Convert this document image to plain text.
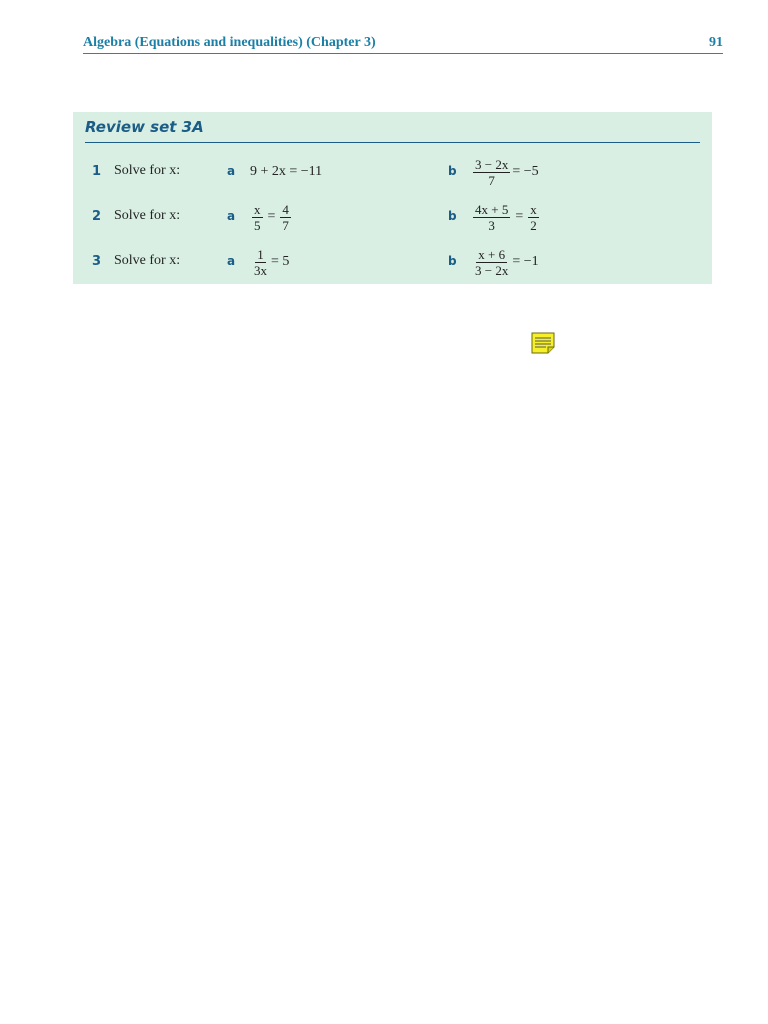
Algebra (Equations and inequalities) (Chapter 3)	91
Review set 3A
1 Solve for x:	a 9 + 2x = −11	b $\frac{3 - 2x}{7} = -5$
2 Solve for x:	a $\frac{x}{5} = \frac{4}{7}$	b $\frac{4x + 5}{3} = \frac{x}{2}$
3 Solve for x:	a $\frac{1}{3x} = 5$	b $\frac{x + 6}{3 - 2x} = -1$
